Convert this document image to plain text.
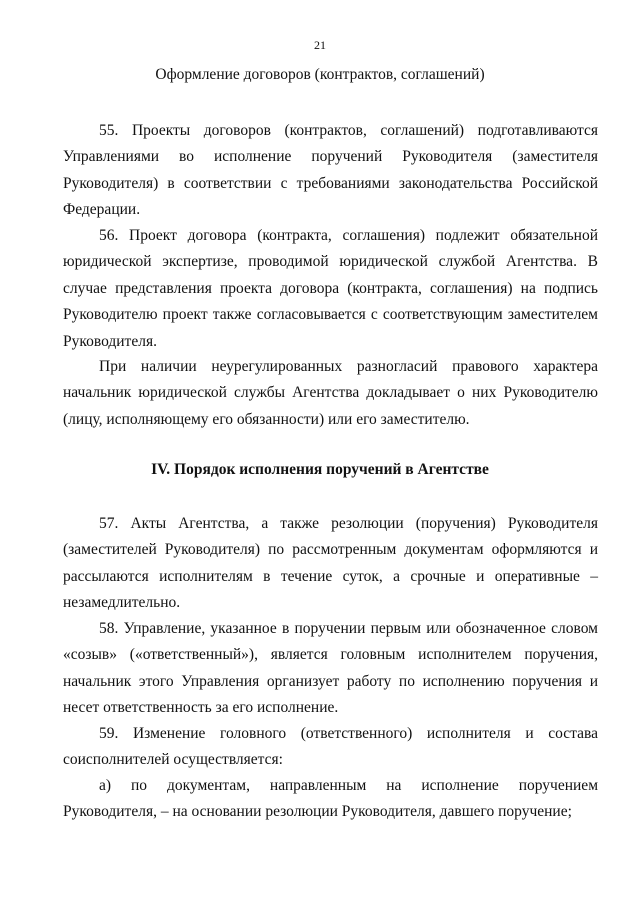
21
Оформление договоров (контрактов, соглашений)

55. Проекты договоров (контрактов, соглашений) подготавливаются Управлениями во исполнение поручений Руководителя (заместителя Руководителя) в соответствии с требованиями законодательства Российской Федерации.

56. Проект договора (контракта, соглашения) подлежит обязательной юридической экспертизе, проводимой юридической службой Агентства. В случае представления проекта договора (контракта, соглашения) на подпись Руководителю проект также согласовывается с соответствующим заместителем Руководителя.

При наличии неурегулированных разногласий правового характера начальник юридической службы Агентства докладывает о них Руководителю (лицу, исполняющему его обязанности) или его заместителю.

IV. Порядок исполнения поручений в Агентстве

57. Акты Агентства, а также резолюции (поручения) Руководителя (заместителей Руководителя) по рассмотренным документам оформляются и рассылаются исполнителям в течение суток, а срочные и оперативные – незамедлительно.

58. Управление, указанное в поручении первым или обозначенное словом «созыв» («ответственный»), является головным исполнителем поручения, начальник этого Управления организует работу по исполнению поручения и несет ответственность за его исполнение.

59. Изменение головного (ответственного) исполнителя и состава соисполнителей осуществляется:

а) по документам, направленным на исполнение поручением Руководителя, – на основании резолюции Руководителя, давшего поручение;
